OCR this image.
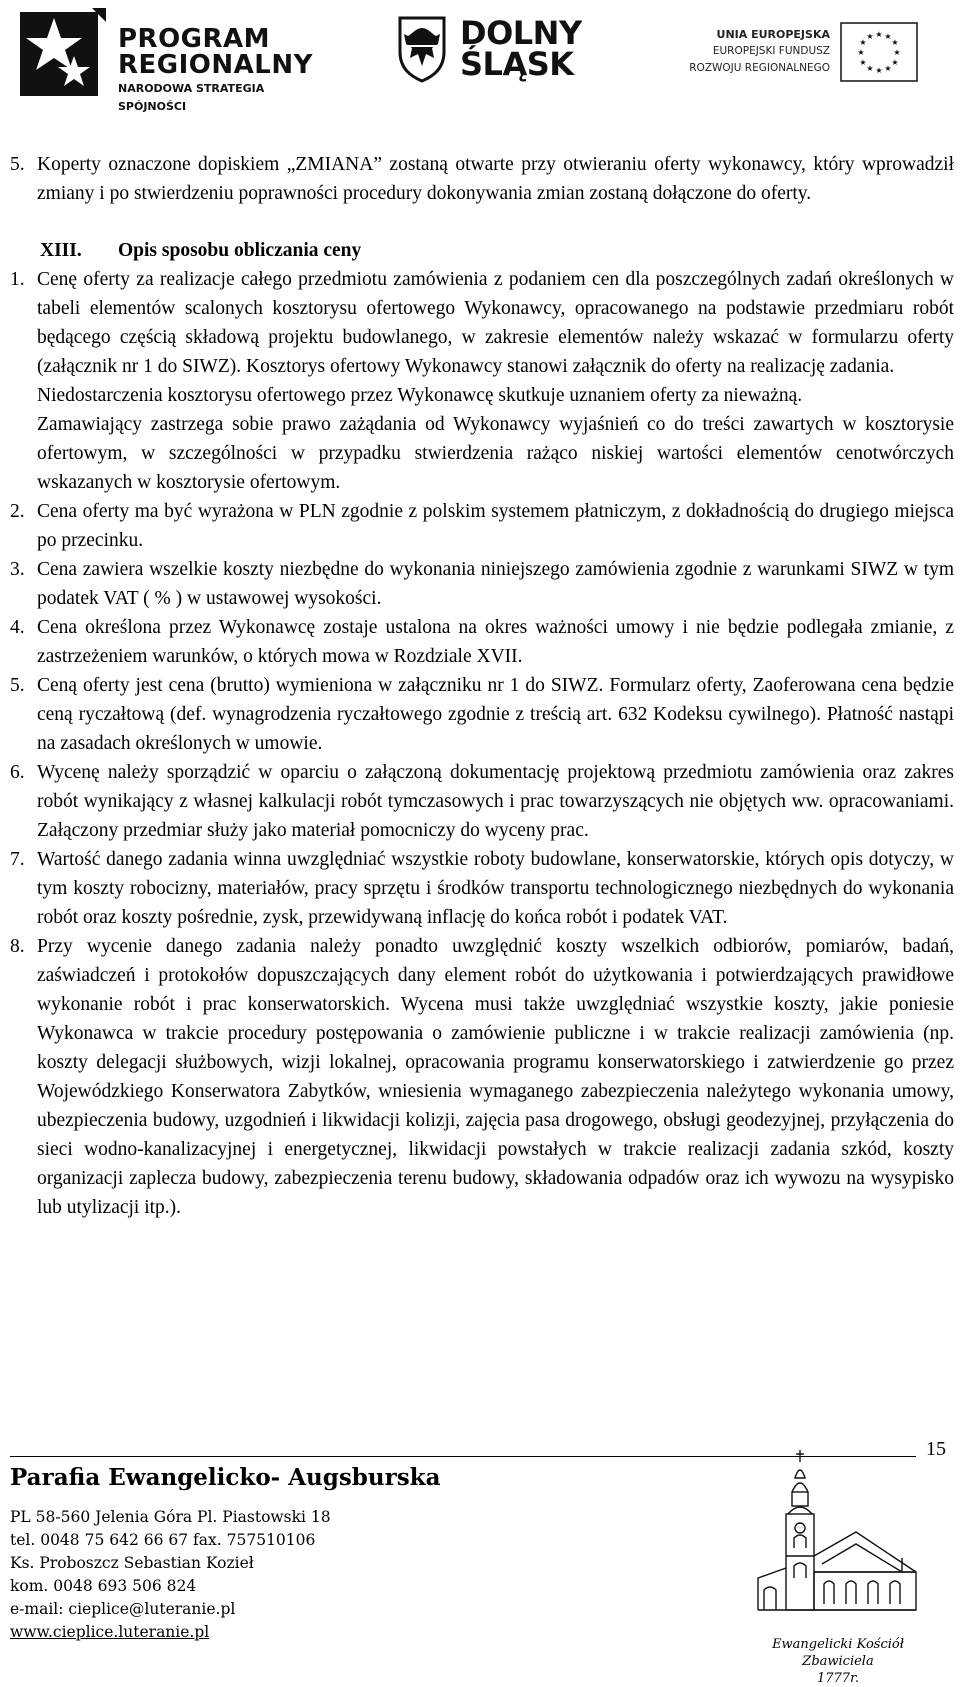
PROGRAM
REGIONALNY
NARODOWA STRATEGIA SPÓJNOŚCI
DOLNY
ŚLĄSK
UNIA EUROPEJSKA
EUROPEJSKI FUNDUSZ
ROZWOJU REGIONALNEGO
★ ★
★
★
★
★
★
★
★
★
★
★
5. Koperty oznaczone dopiskiem „ZMIANA” zostaną otwarte przy otwieraniu oferty wykonawcy, który wprowadził zmiany i po stwierdzeniu poprawności procedury dokonywania zmian zostaną dołączone do oferty.
XIII. Opis sposobu obliczania ceny
1. Cenę oferty za realizacje całego przedmiotu zamówienia z podaniem cen dla poszczególnych zadań określonych w tabeli elementów scalonych kosztorysu ofertowego Wykonawcy, opracowanego na podstawie przedmiaru robót będącego częścią składową projektu budowlanego, w zakresie elementów należy wskazać w formularzu oferty (załącznik nr 1 do SIWZ). Kosztorys ofertowy Wykonawcy stanowi załącznik do oferty na realizację zadania.
Niedostarczenia kosztorysu ofertowego przez Wykonawcę skutkuje uznaniem oferty za nieważną.
Zamawiający zastrzega sobie prawo zażądania od Wykonawcy wyjaśnień co do treści zawartych w kosztorysie ofertowym, w szczególności w przypadku stwierdzenia rażąco niskiej wartości elementów cenotwórczych wskazanych w kosztorysie ofertowym.
2. Cena oferty ma być wyrażona w PLN zgodnie z polskim systemem płatniczym, z dokładnością do drugiego miejsca po przecinku.
3. Cena zawiera wszelkie koszty niezbędne do wykonania niniejszego zamówienia zgodnie z warunkami SIWZ w tym podatek VAT ( % ) w ustawowej wysokości.
4. Cena określona przez Wykonawcę zostaje ustalona na okres ważności umowy i nie będzie podlegała zmianie, z zastrzeżeniem warunków, o których mowa w Rozdziale XVII.
5. Ceną oferty jest cena (brutto) wymieniona w załączniku nr 1 do SIWZ. Formularz oferty, Zaoferowana cena będzie ceną ryczałtową (def. wynagrodzenia ryczałtowego zgodnie z treścią art. 632 Kodeksu cywilnego). Płatność nastąpi na zasadach określonych w umowie.
6. Wycenę należy sporządzić w oparciu o załączoną dokumentację projektową przedmiotu zamówienia oraz zakres robót wynikający z własnej kalkulacji robót tymczasowych i prac towarzyszących nie objętych ww. opracowaniami. Załączony przedmiar służy jako materiał pomocniczy do wyceny prac.
7. Wartość danego zadania winna uwzględniać wszystkie roboty budowlane, konserwatorskie, których opis dotyczy, w tym koszty robocizny, materiałów, pracy sprzętu i środków transportu technologicznego niezbędnych do wykonania robót oraz koszty pośrednie, zysk, przewidywaną inflację do końca robót i podatek VAT.
8. Przy wycenie danego zadania należy ponadto uwzględnić koszty wszelkich odbiorów, pomiarów, badań, zaświadczeń i protokołów dopuszczających dany element robót do użytkowania i potwierdzających prawidłowe wykonanie robót i prac konserwatorskich. Wycena musi także uwzględniać wszystkie koszty, jakie poniesie Wykonawca w trakcie procedury postępowania o zamówienie publiczne i w trakcie realizacji zamówienia (np. koszty delegacji służbowych, wizji lokalnej, opracowania programu konserwatorskiego i zatwierdzenie go przez Wojewódzkiego Konserwatora Zabytków, wniesienia wymaganego zabezpieczenia należytego wykonania umowy, ubezpieczenia budowy, uzgodnień i likwidacji kolizji, zajęcia pasa drogowego, obsługi geodezyjnej, przyłączenia do sieci wodno-kanalizacyjnej i energetycznej, likwidacji powstałych w trakcie realizacji zadania szkód, koszty organizacji zaplecza budowy, zabezpieczenia terenu budowy, składowania odpadów oraz ich wywozu na wysypisko lub utylizacji itp.).
15
Parafia Ewangelicko- Augsburska
PL 58-560 Jelenia Góra Pl. Piastowski 18
tel. 0048 75 642 66 67 fax. 757510106
Ks. Proboszcz Sebastian Kozieł
kom. 0048 693 506 824
e-mail: cieplice@luteranie.pl
www.cieplice.luteranie.pl
Ewangelicki Kościół Zbawiciela
1777r.
